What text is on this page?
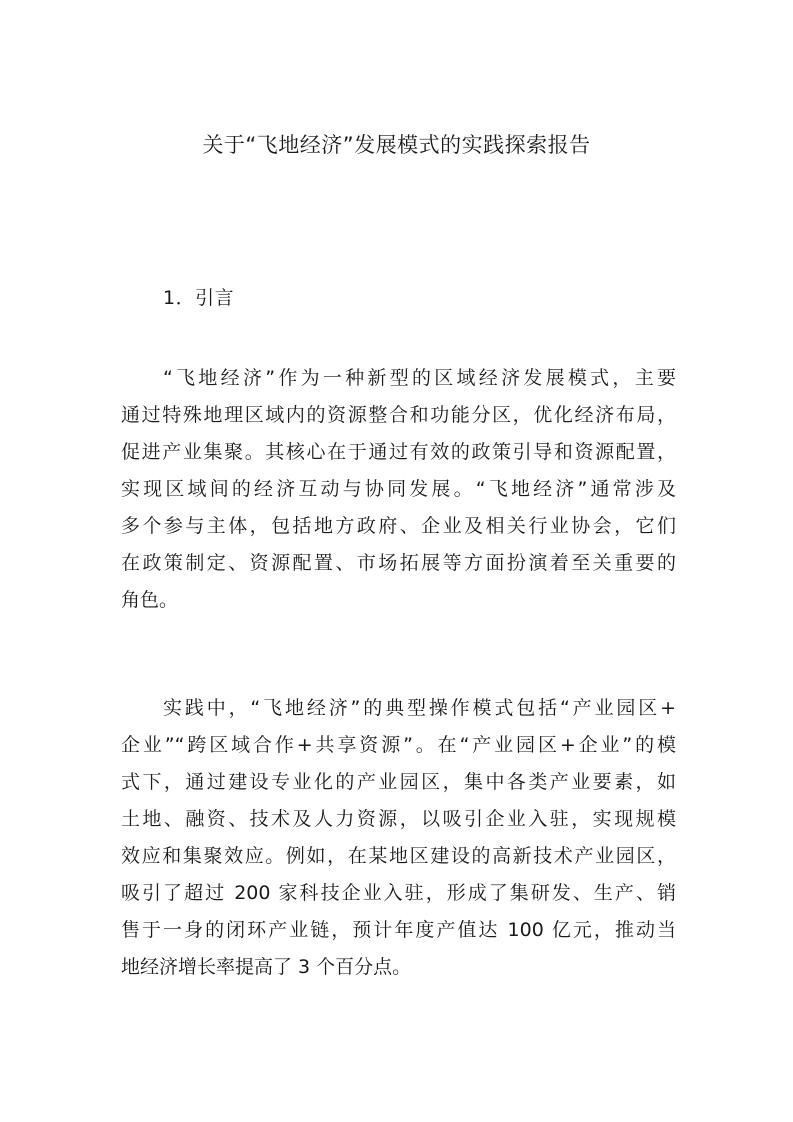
关于“飞地经济”发展模式的实践探索报告
1．引言
“飞地经济”作为一种新型的区域经济发展模式，主要
通过特殊地理区域内的资源整合和功能分区，优化经济布局，
促进产业集聚。其核心在于通过有效的政策引导和资源配置，
实现区域间的经济互动与协同发展。“飞地经济”通常涉及
多个参与主体，包括地方政府、企业及相关行业协会，它们
在政策制定、资源配置、市场拓展等方面扮演着至关重要的
角色。
实践中，“飞地经济”的典型操作模式包括“产业园区+
企业”“跨区域合作+共享资源”。在“产业园区+企业”的模
式下，通过建设专业化的产业园区，集中各类产业要素，如
土地、融资、技术及人力资源，以吸引企业入驻，实现规模
效应和集聚效应。例如，在某地区建设的高新技术产业园区，
吸引了超过 200 家科技企业入驻，形成了集研发、生产、销
售于一身的闭环产业链，预计年度产值达 100 亿元，推动当
地经济增长率提高了 3 个百分点。
